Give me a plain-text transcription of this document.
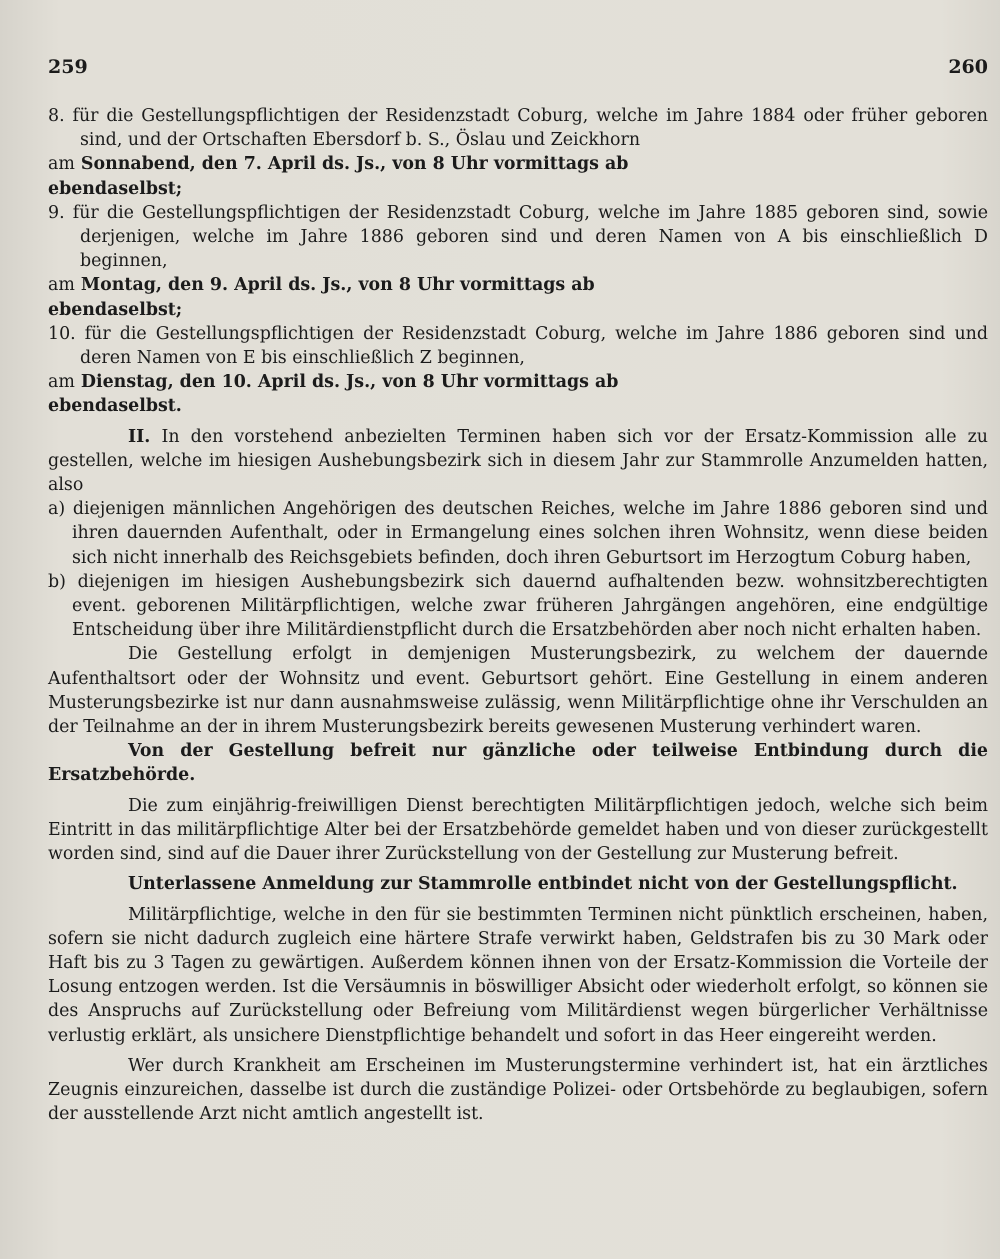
259	260

8. für die Gestellungspflichtigen der Residenzstadt Coburg, welche im Jahre 1884 oder früher geboren sind, und der Ortschaften Ebersdorf b. S., Öslau und Zeickhorn

am Sonnabend, den 7. April ds. Js., von 8 Uhr vormittags ab

ebendaselbst;

9. für die Gestellungspflichtigen der Residenzstadt Coburg, welche im Jahre 1885 geboren sind, sowie derjenigen, welche im Jahre 1886 geboren sind und deren Namen von A bis einschließlich D beginnen,

am Montag, den 9. April ds. Js., von 8 Uhr vormittags ab

ebendaselbst;

10. für die Gestellungspflichtigen der Residenzstadt Coburg, welche im Jahre 1886 geboren sind und deren Namen von E bis einschließlich Z beginnen,

am Dienstag, den 10. April ds. Js., von 8 Uhr vormittags ab

ebendaselbst.

II. In den vorstehend anbezielten Terminen haben sich vor der Ersatz-Kommission alle zu gestellen, welche im hiesigen Aushebungsbezirk sich in diesem Jahr zur Stammrolle Anzumelden hatten, also

a) diejenigen männlichen Angehörigen des deutschen Reiches, welche im Jahre 1886 geboren sind und ihren dauernden Aufenthalt, oder in Ermangelung eines solchen ihren Wohnsitz, wenn diese beiden sich nicht innerhalb des Reichsgebiets befinden, doch ihren Geburtsort im Herzogtum Coburg haben,

b) diejenigen im hiesigen Aushebungsbezirk sich dauernd aufhaltenden bezw. wohnsitzberechtigten event. geborenen Militärpflichtigen, welche zwar früheren Jahrgängen angehören, eine endgültige Entscheidung über ihre Militärdienstpflicht durch die Ersatzbehörden aber noch nicht erhalten haben.

Die Gestellung erfolgt in demjenigen Musterungsbezirk, zu welchem der dauernde Aufenthaltsort oder der Wohnsitz und event. Geburtsort gehört. Eine Gestellung in einem anderen Musterungsbezirke ist nur dann ausnahmsweise zulässig, wenn Militärpflichtige ohne ihr Verschulden an der Teilnahme an der in ihrem Musterungsbezirk bereits gewesenen Musterung verhindert waren.

Von der Gestellung befreit nur gänzliche oder teilweise Entbindung durch die Ersatzbehörde.

Die zum einjährig-freiwilligen Dienst berechtigten Militärpflichtigen jedoch, welche sich beim Eintritt in das militärpflichtige Alter bei der Ersatzbehörde gemeldet haben und von dieser zurückgestellt worden sind, sind auf die Dauer ihrer Zurückstellung von der Gestellung zur Musterung befreit.

Unterlassene Anmeldung zur Stammrolle entbindet nicht von der Gestellungspflicht.

Militärpflichtige, welche in den für sie bestimmten Terminen nicht pünktlich erscheinen, haben, sofern sie nicht dadurch zugleich eine härtere Strafe verwirkt haben, Geldstrafen bis zu 30 Mark oder Haft bis zu 3 Tagen zu gewärtigen. Außerdem können ihnen von der Ersatz-Kommission die Vorteile der Losung entzogen werden. Ist die Versäumnis in böswilliger Absicht oder wiederholt erfolgt, so können sie des Anspruchs auf Zurückstellung oder Befreiung vom Militärdienst wegen bürgerlicher Verhältnisse verlustig erklärt, als unsichere Dienstpflichtige behandelt und sofort in das Heer eingereiht werden.

Wer durch Krankheit am Erscheinen im Musterungstermine verhindert ist, hat ein ärztliches Zeugnis einzureichen, dasselbe ist durch die zuständige Polizei- oder Ortsbehörde zu beglaubigen, sofern der ausstellende Arzt nicht amtlich angestellt ist.
